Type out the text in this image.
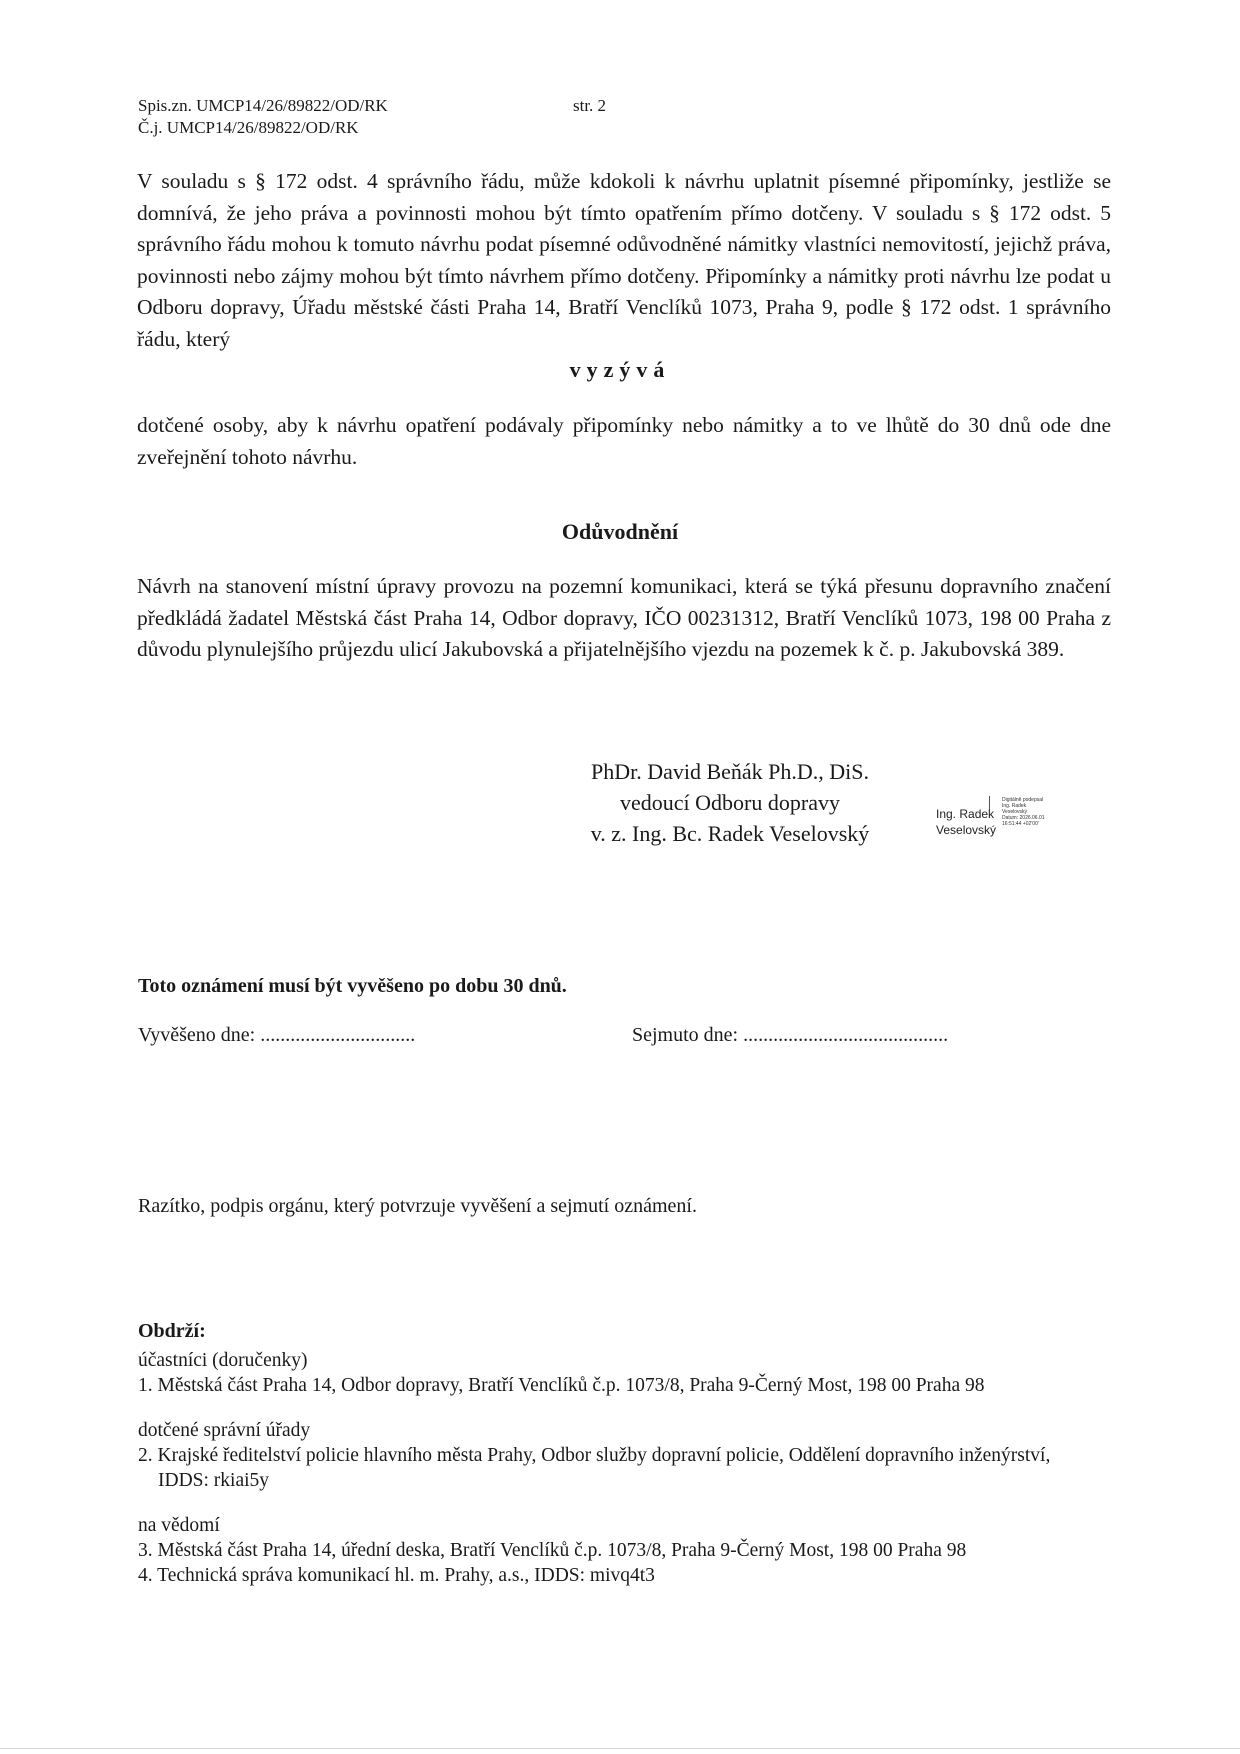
Spis.zn. UMCP14/26/89822/OD/RK	str. 2
Č.j. UMCP14/26/89822/OD/RK
V souladu s § 172 odst. 4 správního řádu, může kdokoli k návrhu uplatnit písemné připomínky, jestliže se domnívá, že jeho práva a povinnosti mohou být tímto opatřením přímo dotčeny. V souladu s § 172 odst. 5 správního řádu mohou k tomuto návrhu podat písemné odůvodněné námitky vlastníci nemovitostí, jejichž práva, povinnosti nebo zájmy mohou být tímto návrhem přímo dotčeny. Připomínky a námitky proti návrhu lze podat u Odboru dopravy, Úřadu městské části Praha 14, Bratří Venclíků 1073, Praha 9, podle § 172 odst. 1 správního řádu, který
vyzývá
dotčené osoby, aby k návrhu opatření podávaly připomínky nebo námitky a to ve lhůtě do 30 dnů ode dne zveřejnění tohoto návrhu.
Odůvodnění
Návrh na stanovení místní úpravy provozu na pozemní komunikaci, která se týká přesunu dopravního značení předkládá žadatel Městská část Praha 14, Odbor dopravy, IČO 00231312, Bratří Venclíků 1073, 198 00 Praha z důvodu plynulejšího průjezdu ulicí Jakubovská a přijatelnějšího vjezdu na pozemek k č. p. Jakubovská 389.
PhDr. David Beňák Ph.D., DiS.
vedoucí Odboru dopravy
v. z. Ing. Bc. Radek Veselovský
Ing. Radek
Veselovský
Digitálně podepsal
Ing. Radek
Veselovský
Datum: 2026.06.01
16:51:44 +02'00'
Toto oznámení musí být vyvěšeno po dobu 30 dnů.
Vyvěšeno dne: ...............................	Sejmuto dne: .........................................
Razítko, podpis orgánu, který potvrzuje vyvěšení a sejmutí oznámení.
Obdrží:
účastníci (doručenky)
1. Městská část Praha 14, Odbor dopravy, Bratří Venclíků č.p. 1073/8, Praha 9-Černý Most, 198 00 Praha 98
dotčené správní úřady
2. Krajské ředitelství policie hlavního města Prahy, Odbor služby dopravní policie, Oddělení dopravního inženýrství, IDDS: rkiai5y
na vědomí
3. Městská část Praha 14, úřední deska, Bratří Venclíků č.p. 1073/8, Praha 9-Černý Most, 198 00 Praha 98
4. Technická správa komunikací hl. m. Prahy, a.s., IDDS: mivq4t3
